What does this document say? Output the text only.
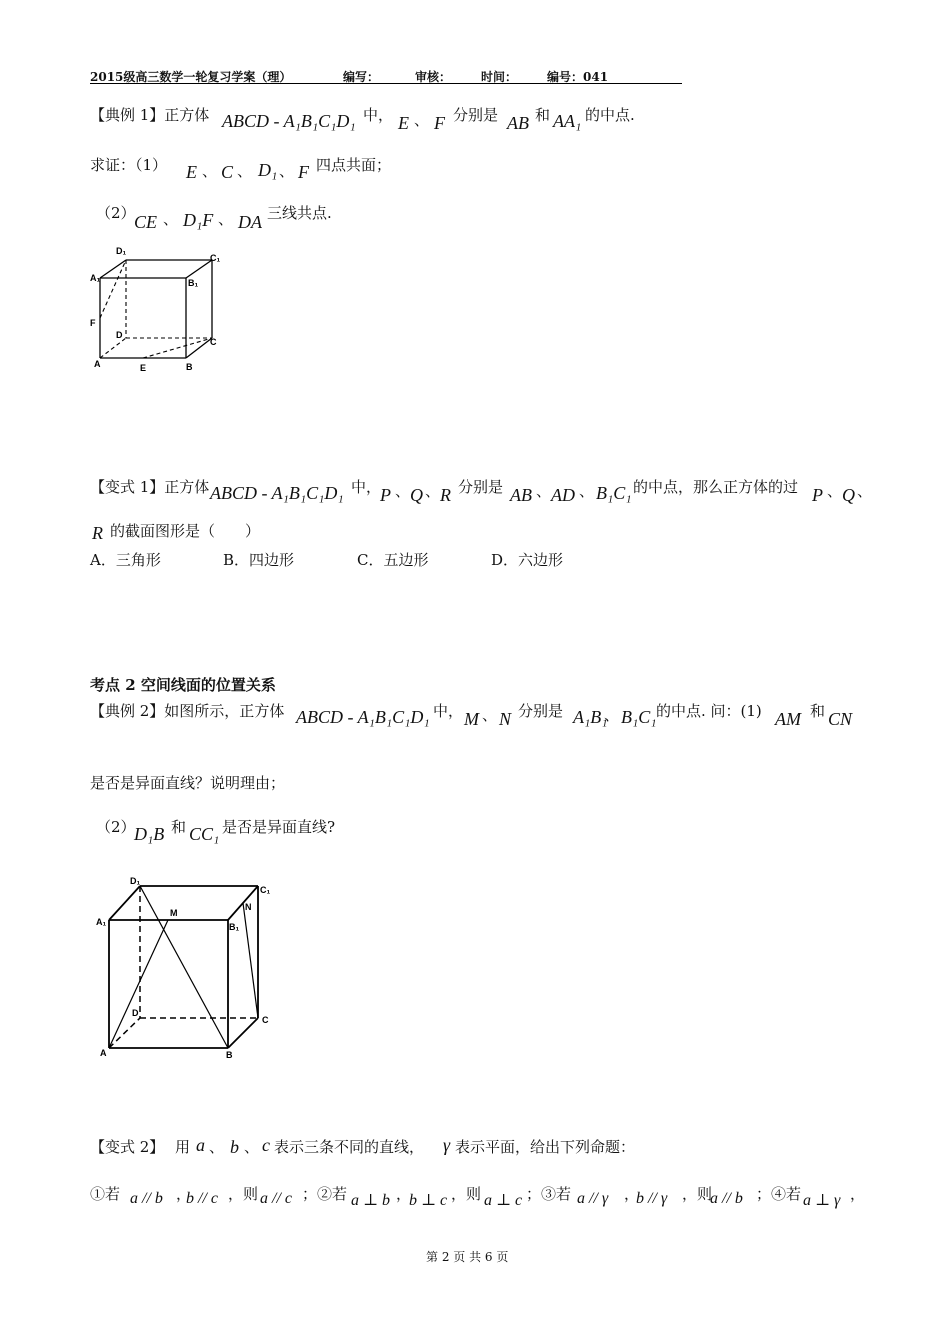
2015级高三数学一轮复习学案（理）	编写：	审核： 时间： 编号：041
【典例 1】正方体 ABCD - A₁B₁C₁D₁ 中， E 、 F 分别是 AB 和 AA₁ 的中点.
求证：（1） E 、 C 、 D₁ 、 F 四点共面；
（2）
CE 、 D₁F 、 DA 三线共点.
D₁
C₁
A₁	B₁
F
D
C
A	E	B
【变式 1】正方体 ABCD - A₁B₁C₁D₁ 中，
P 、 Q 、 R 分别是 AB 、 AD 、 B₁C₁ 的中点，那么正方体的过 P 、 Q 、
R 的截面图形是（　　）
A．三角形	B．四边形	C．五边形	D．六边形
考点 2 空间线面的位置关系
【典例 2】如图所示，正方体 ABCD - A₁B₁C₁D₁ 中， M 、 N 分别是 A₁B₁
、 B₁C₁ 的中点. 问：(1) AM 和 CN
是否是异面直线？说明理由；
（2）
D₁B 和 CC₁ 是否是异面直线?
D₁
C₁
A₁	B₁
M
N
D
C
A	B
【变式 2】 用 a 、 b 、 c 表示三条不同的直线， γ 表示平面，给出下列命题：
①若 a // b ，
b // c ，则 a // c ；②若 a ⊥ b ，
b ⊥ c ，则 a ⊥ c ；③若 a // γ ，
b // γ ，则
a // b ；④若 a ⊥ γ ，
第 2 页 共 6 页
